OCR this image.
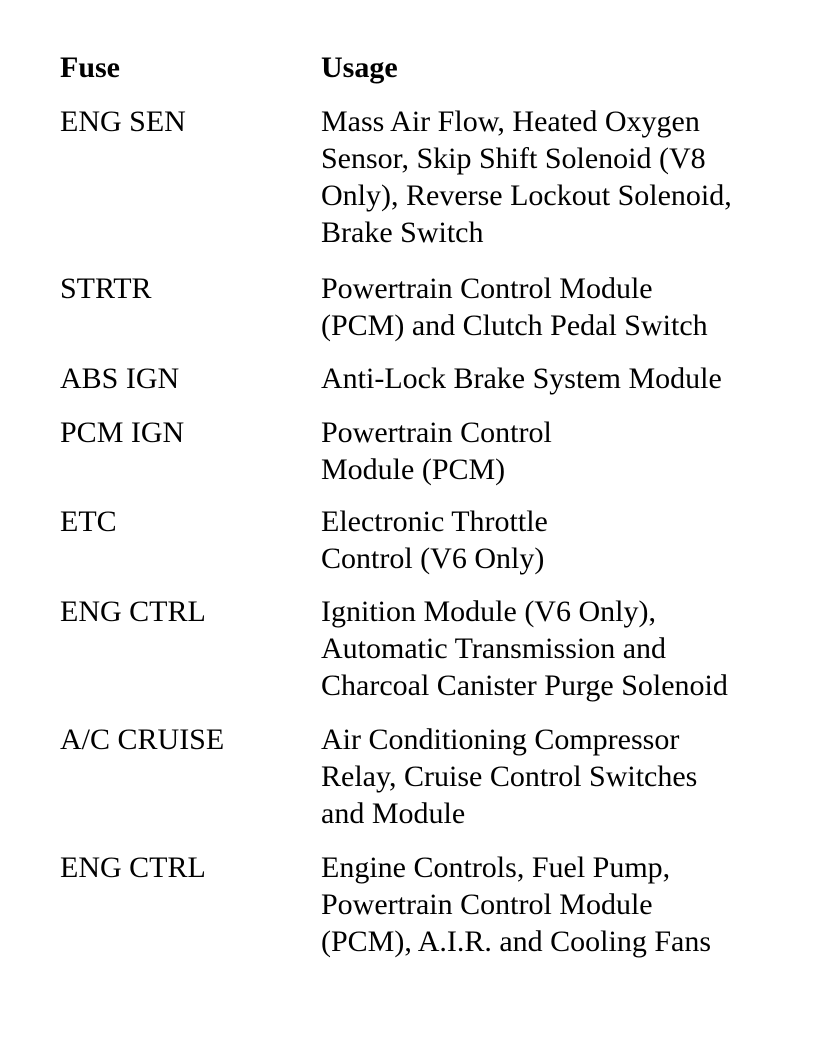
Fuse	Usage
ENG SEN	Mass Air Flow, Heated Oxygen
Sensor, Skip Shift Solenoid (V8
Only), Reverse Lockout Solenoid,
Brake Switch
STRTR	Powertrain Control Module
(PCM) and Clutch Pedal Switch
ABS IGN	Anti-Lock Brake System Module
PCM IGN	Powertrain Control
Module (PCM)
ETC	Electronic Throttle
Control (V6 Only)
ENG CTRL	Ignition Module (V6 Only),
Automatic Transmission and
Charcoal Canister Purge Solenoid
A/C CRUISE	Air Conditioning Compressor
Relay, Cruise Control Switches
and Module
ENG CTRL	Engine Controls, Fuel Pump,
Powertrain Control Module
(PCM), A.I.R. and Cooling Fans
